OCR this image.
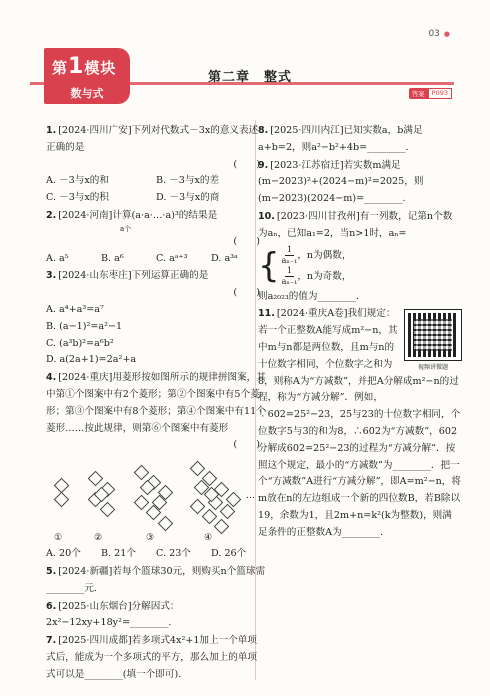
03 ●
第1模块
数与式
第二章　整式
答案	P093
1. [2024·四川广安]下列对代数式－3x的意义表述正确的是
(　　)
A. －3与x的和	B. －3与x的差
C. －3与x的积	D. －3与x的商
2. [2024·河南]计算(a·a·…·a)³的结果是
a个
(　　)
A. a⁵	B. a⁶	C. aᵃ⁺³	D. a³ᵃ
3. [2024·山东枣庄]下列运算正确的是
(　　)
A. a⁴+a³=a⁷
B. (a−1)²=a²−1
C. (a³b)²=a⁶b²
D. a(2a+1)=2a²+a
4. [2024·重庆]用菱形按如图所示的规律拼图案，其中第①个图案中有2个菱形；第②个图案中有5个菱形；第③个图案中有8个菱形；第④个图案中有11个菱形……按此规律，则第⑥个图案中有菱形
(　　)
①	②	③	④
…
A. 20个	B. 21个	C. 23个	D. 26个
5. [2024·新疆]若每个篮球30元，则购买n个篮球需________元.
6. [2025·山东烟台]分解因式：2x²−12xy+18y²=________.
7. [2025·四川成都]若多项式4x²+1加上一个单项式后，能成为一个多项式的平方，那么加上的单项式可以是________(填一个即可).
8. [2025·四川内江]已知实数a，b满足a+b=2，则a²−b²+4b=________.
9. [2023·江苏宿迁]若实数m满足(m−2023)²+(2024−m)²=2025，则(m−2023)(2024−m)=________.
10. [2023·四川甘孜州]有一列数，记第n个数为aₙ，已知a₁=2，当n>1时，aₙ=
{ $\frac{1}{\text{aₙ₋₁}}$ ，n为偶数，
$\frac{1}{\text{aₙ₋₁}}$ ，n为奇数，
则a₂₀₂₃的值为________.
视频讲微题
11. [2024·重庆A卷]我们规定：若一个正整数A能写成m²−n，其中m与n都是两位数，且m与n的十位数字相同，个位数字之和为8，则称A为“方减数”，并把A分解成m²−n的过程，称为“方减分解”．例如，∵602=25²−23，25与23的十位数字相同，个位数字5与3的和为8，∴602为“方减数”，602分解成602=25²−23的过程为“方减分解”．按照这个规定，最小的“方减数”为________．把一个“方减数”A进行“方减分解”，即A=m²−n，将m放在n的左边组成一个新的四位数B，若B除以19，余数为1，且2m+n=k²(k为整数)，则满足条件的正整数A为________.
